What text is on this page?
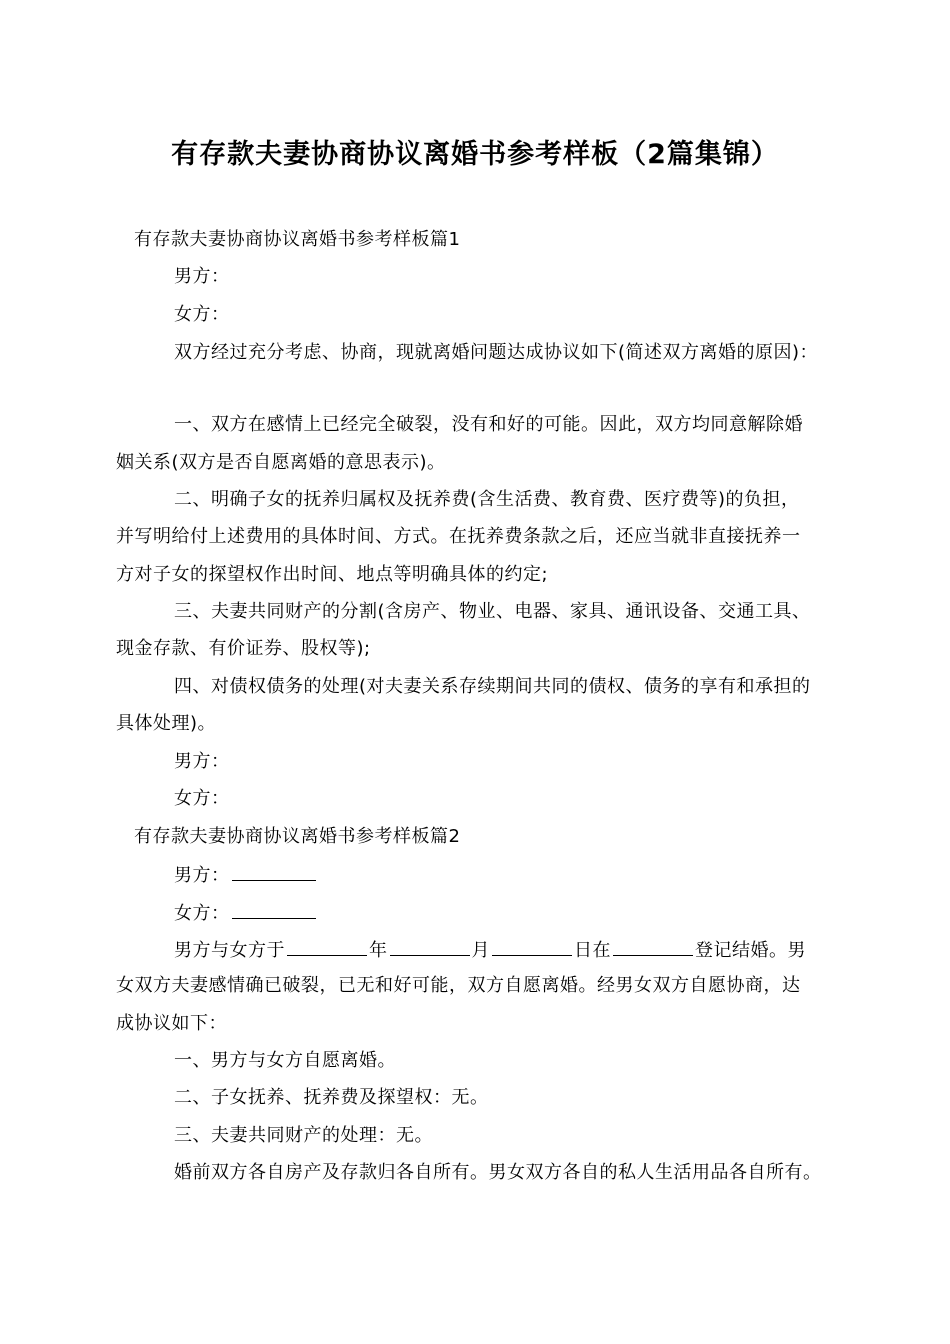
有存款夫妻协商协议离婚书参考样板（2篇集锦）
有存款夫妻协商协议离婚书参考样板篇1
男方：
女方：
双方经过充分考虑、协商，现就离婚问题达成协议如下(简述双方离婚的原因)：
一、双方在感情上已经完全破裂，没有和好的可能。因此，双方均同意解除婚
姻关系(双方是否自愿离婚的意思表示)。
二、明确子女的抚养归属权及抚养费(含生活费、教育费、医疗费等)的负担，
并写明给付上述费用的具体时间、方式。在抚养费条款之后，还应当就非直接抚养一
方对子女的探望权作出时间、地点等明确具体的约定;
三、夫妻共同财产的分割(含房产、物业、电器、家具、通讯设备、交通工具、
现金存款、有价证券、股权等);
四、对债权债务的处理(对夫妻关系存续期间共同的债权、债务的享有和承担的
具体处理)。
男方：
女方：
有存款夫妻协商协议离婚书参考样板篇2
男方：
女方：
男方与女方于	年	月	日在	登记结婚。男
女双方夫妻感情确已破裂，已无和好可能，双方自愿离婚。经男女双方自愿协商，达
成协议如下：
一、男方与女方自愿离婚。
二、子女抚养、抚养费及探望权：无。
三、夫妻共同财产的处理：无。
婚前双方各自房产及存款归各自所有。男女双方各自的私人生活用品各自所有。
